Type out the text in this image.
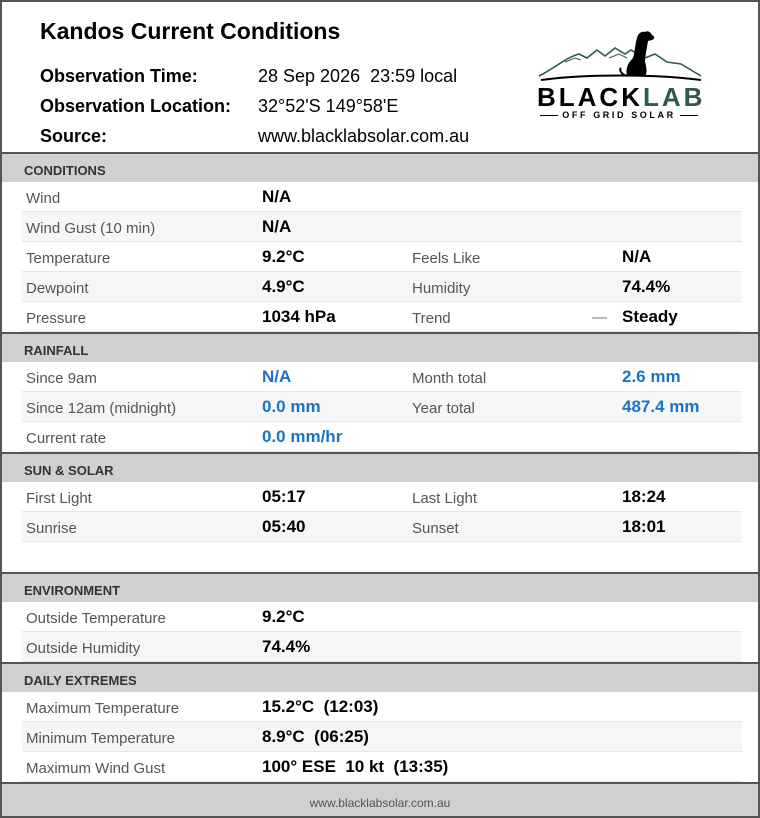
Kandos Current Conditions
Observation Time:	28 Sep 2026  23:59 local
Observation Location: 32°52'S 149°58'E
Source:	www.blacklabsolar.com.au
BLACKLAB
OFF GRID SOLAR
CONDITIONS
Wind	N/A
Wind Gust (10 min)	N/A
Temperature	9.2°C	Feels Like	N/A
Dewpoint	4.9°C	Humidity	74.4%
Pressure	1034 hPa	Trend	— Steady
RAINFALL
Since 9am	N/A	Month total	2.6 mm
Since 12am (midnight)	0.0 mm	Year total	487.4 mm
Current rate	0.0 mm/hr
SUN & SOLAR
First Light	05:17	Last Light	18:24
Sunrise	05:40	Sunset	18:01
ENVIRONMENT
Outside Temperature	9.2°C
Outside Humidity	74.4%
DAILY EXTREMES
Maximum Temperature	15.2°C  (12:03)
Minimum Temperature	8.9°C  (06:25)
Maximum Wind Gust	100° ESE  10 kt  (13:35)
www.blacklabsolar.com.au
